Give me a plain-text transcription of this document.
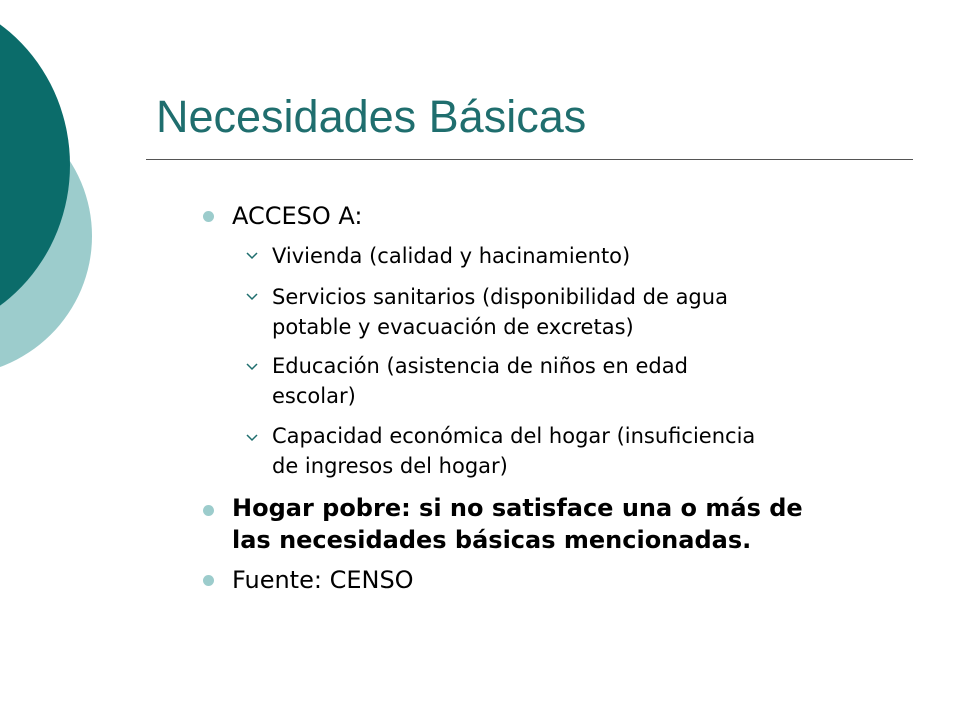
Necesidades Básicas
ACCESO A:
Vivienda (calidad y hacinamiento)
Servicios sanitarios (disponibilidad de agua
potable y evacuación de excretas)
Educación (asistencia de niños en edad
escolar)
Capacidad económica del hogar (insuficiencia
de ingresos del hogar)
Hogar pobre: si no satisface una o más de
las necesidades básicas mencionadas.
Fuente: CENSO
